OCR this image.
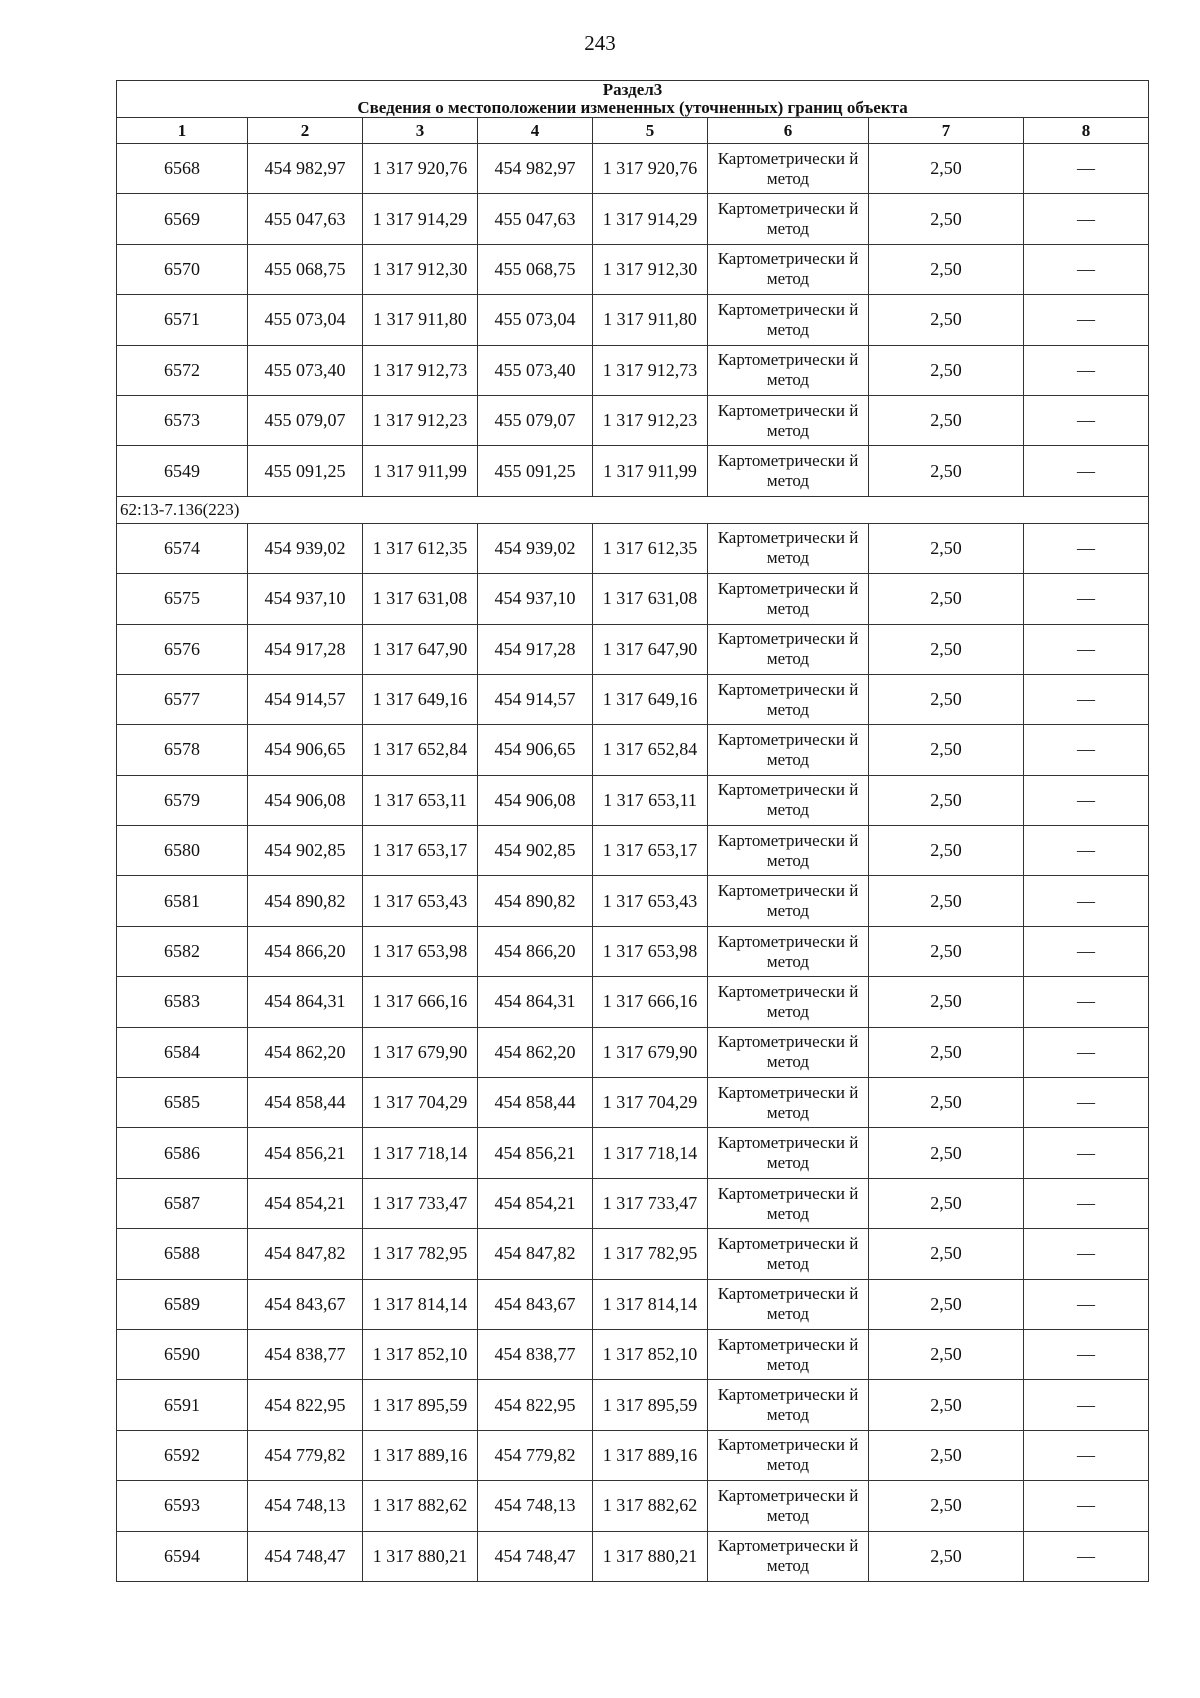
243
Раздел3
Сведения о местоположении измененных (уточненных) границ объекта							

1	2	3	4	5	6	7	8
6568	454 982,97	1 317 920,76	454 982,97	1 317 920,76	Картометрически й метод	2,50	—
6569	455 047,63	1 317 914,29	455 047,63	1 317 914,29	Картометрически й метод	2,50	—
6570	455 068,75	1 317 912,30	455 068,75	1 317 912,30	Картометрически й метод	2,50	—
6571	455 073,04	1 317 911,80	455 073,04	1 317 911,80	Картометрически й метод	2,50	—
6572	455 073,40	1 317 912,73	455 073,40	1 317 912,73	Картометрически й метод	2,50	—
6573	455 079,07	1 317 912,23	455 079,07	1 317 912,23	Картометрически й метод	2,50	—
6549	455 091,25	1 317 911,99	455 091,25	1 317 911,99	Картометрически й метод	2,50	—
62:13-7.136(223)							
6574	454 939,02	1 317 612,35	454 939,02	1 317 612,35	Картометрически й метод	2,50	—
6575	454 937,10	1 317 631,08	454 937,10	1 317 631,08	Картометрически й метод	2,50	—
6576	454 917,28	1 317 647,90	454 917,28	1 317 647,90	Картометрически й метод	2,50	—
6577	454 914,57	1 317 649,16	454 914,57	1 317 649,16	Картометрически й метод	2,50	—
6578	454 906,65	1 317 652,84	454 906,65	1 317 652,84	Картометрически й метод	2,50	—
6579	454 906,08	1 317 653,11	454 906,08	1 317 653,11	Картометрически й метод	2,50	—
6580	454 902,85	1 317 653,17	454 902,85	1 317 653,17	Картометрически й метод	2,50	—
6581	454 890,82	1 317 653,43	454 890,82	1 317 653,43	Картометрически й метод	2,50	—
6582	454 866,20	1 317 653,98	454 866,20	1 317 653,98	Картометрически й метод	2,50	—
6583	454 864,31	1 317 666,16	454 864,31	1 317 666,16	Картометрически й метод	2,50	—
6584	454 862,20	1 317 679,90	454 862,20	1 317 679,90	Картометрически й метод	2,50	—
6585	454 858,44	1 317 704,29	454 858,44	1 317 704,29	Картометрически й метод	2,50	—
6586	454 856,21	1 317 718,14	454 856,21	1 317 718,14	Картометрически й метод	2,50	—
6587	454 854,21	1 317 733,47	454 854,21	1 317 733,47	Картометрически й метод	2,50	—
6588	454 847,82	1 317 782,95	454 847,82	1 317 782,95	Картометрически й метод	2,50	—
6589	454 843,67	1 317 814,14	454 843,67	1 317 814,14	Картометрически й метод	2,50	—
6590	454 838,77	1 317 852,10	454 838,77	1 317 852,10	Картометрически й метод	2,50	—
6591	454 822,95	1 317 895,59	454 822,95	1 317 895,59	Картометрически й метод	2,50	—
6592	454 779,82	1 317 889,16	454 779,82	1 317 889,16	Картометрически й метод	2,50	—
6593	454 748,13	1 317 882,62	454 748,13	1 317 882,62	Картометрически й метод	2,50	—
6594	454 748,47	1 317 880,21	454 748,47	1 317 880,21	Картометрически й метод	2,50	—
